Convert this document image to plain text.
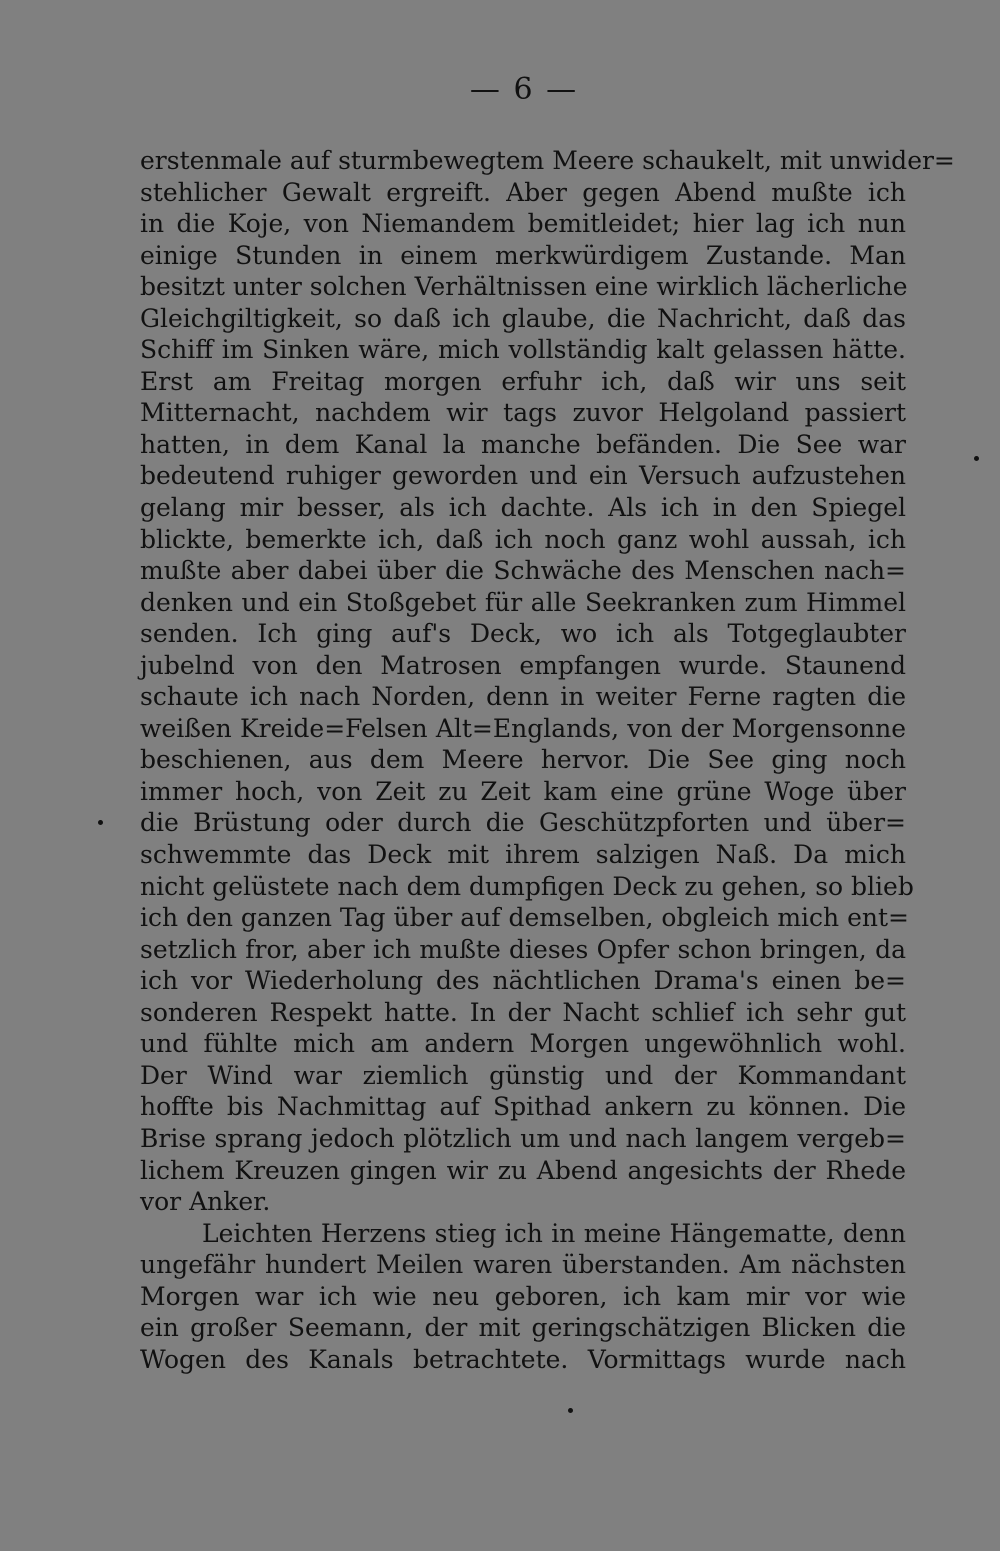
— 6 —
erstenmale auf sturmbewegtem Meere schaukelt, mit unwider=
stehlicher Gewalt ergreift. Aber gegen Abend mußte ich
in die Koje, von Niemandem bemitleidet; hier lag ich nun
einige Stunden in einem merkwürdigem Zustande. Man
besitzt unter solchen Verhältnissen eine wirklich lächerliche
Gleichgiltigkeit, so daß ich glaube, die Nachricht, daß das
Schiff im Sinken wäre, mich vollständig kalt gelassen hätte.
Erst am Freitag morgen erfuhr ich, daß wir uns seit
Mitternacht, nachdem wir tags zuvor Helgoland passiert
hatten, in dem Kanal la manche befänden. Die See war
bedeutend ruhiger geworden und ein Versuch aufzustehen
gelang mir besser, als ich dachte. Als ich in den Spiegel
blickte, bemerkte ich, daß ich noch ganz wohl aussah, ich
mußte aber dabei über die Schwäche des Menschen nach=
denken und ein Stoßgebet für alle Seekranken zum Himmel
senden. Ich ging auf's Deck, wo ich als Totgeglaubter
jubelnd von den Matrosen empfangen wurde. Staunend
schaute ich nach Norden, denn in weiter Ferne ragten die
weißen Kreide=Felsen Alt=Englands, von der Morgensonne
beschienen, aus dem Meere hervor. Die See ging noch
immer hoch, von Zeit zu Zeit kam eine grüne Woge über
die Brüstung oder durch die Geschützpforten und über=
schwemmte das Deck mit ihrem salzigen Naß. Da mich
nicht gelüstete nach dem dumpfigen Deck zu gehen, so blieb
ich den ganzen Tag über auf demselben, obgleich mich ent=
setzlich fror, aber ich mußte dieses Opfer schon bringen, da
ich vor Wiederholung des nächtlichen Drama's einen be=
sonderen Respekt hatte. In der Nacht schlief ich sehr gut
und fühlte mich am andern Morgen ungewöhnlich wohl.
Der Wind war ziemlich günstig und der Kommandant
hoffte bis Nachmittag auf Spithad ankern zu können. Die
Brise sprang jedoch plötzlich um und nach langem vergeb=
lichem Kreuzen gingen wir zu Abend angesichts der Rhede
vor Anker.
Leichten Herzens stieg ich in meine Hängematte, denn
ungefähr hundert Meilen waren überstanden. Am nächsten
Morgen war ich wie neu geboren, ich kam mir vor wie
ein großer Seemann, der mit geringschätzigen Blicken die
Wogen des Kanals betrachtete. Vormittags wurde nach
